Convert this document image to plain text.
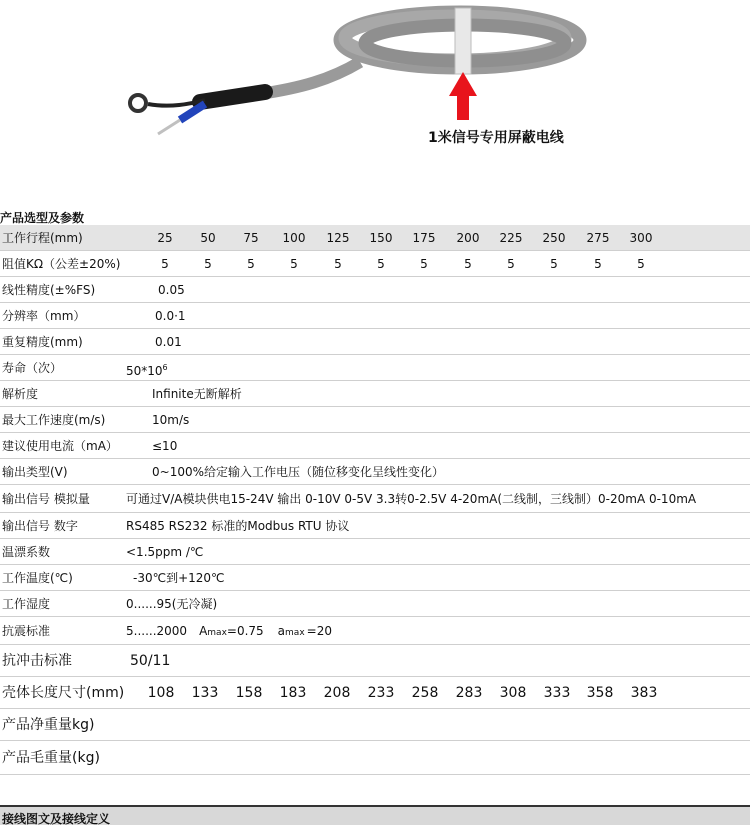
1米信号专用屏蔽电线
产品选型及参数
工作行程(mm)	25	50	75	100	125	150	175	200	225	250	275	300
阻值KΩ（公差±20%)	5	5	5	5	5	5	5	5	5	5	5	5
线性精度(±%FS)	0.05
分辨率（mm）	0.0·1
重复精度(mm)	0.01
寿命（次）	$50*10^6$
解析度	Infinite无断解析
最大工作速度(m/s)	10m/s
建议使用电流（mA）	≤10
输出类型(V)	0~100%给定输入工作电压（随位移变化呈线性变化）
输出信号 模拟量	可通过V/A模块供电15-24V 输出 0-10V 0-5V 3.3转0-2.5V 4-20mA(二线制，三线制）0-20mA 0-10mA
输出信号 数字	RS485 RS232 标准的Modbus RTU 协议
温漂系数	<1.5ppm /℃
工作温度(℃)	-30℃到+120℃
工作湿度	0......95(无冷凝)
抗震标准	5......2000 Amax=0.75 amax =20
抗冲击标准	50/11
壳体长度尺寸(mm)	108	133	158	183	208	233	258	283	308	333	358	383
产品净重量kg)
产品毛重量(kg)
接线图文及接线定义
